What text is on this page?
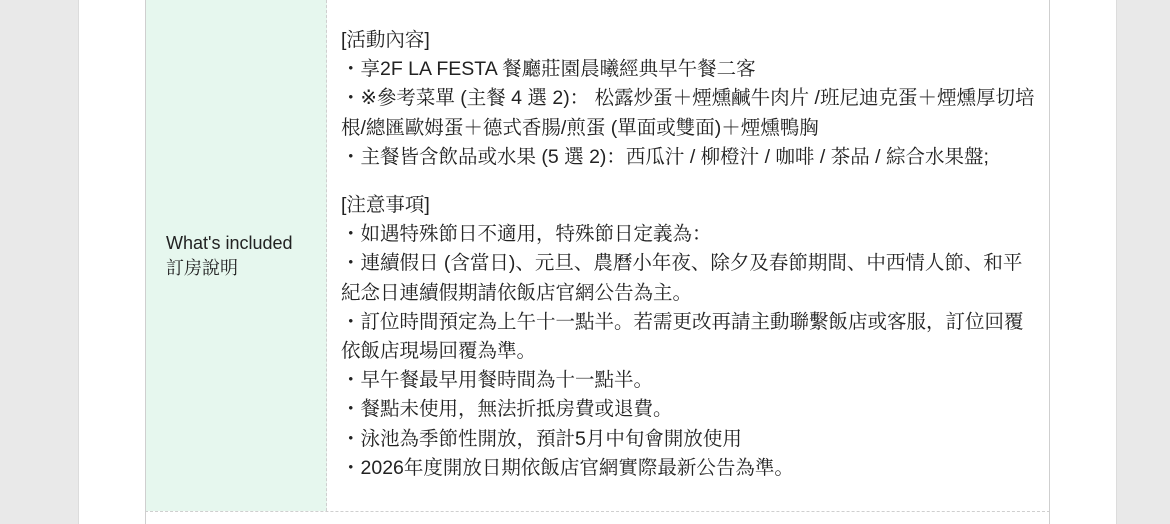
What's included
訂房說明
[活動內容]
・享2F LA FESTA 餐廳莊園晨曦經典早午餐二客
・※參考菜單 (主餐 4 選 2)： 松露炒蛋＋煙燻鹹牛肉片 /班尼迪克蛋＋煙燻厚切培根/總匯歐姆蛋＋德式香腸/煎蛋 (單面或雙面)＋煙燻鴨胸
・主餐皆含飲品或水果 (5 選 2)：西瓜汁 / 柳橙汁 / 咖啡 / 茶品 / 綜合水果盤;
[注意事項]
・如遇特殊節日不適用，特殊節日定義為：
・連續假日 (含當日)、元旦、農曆小年夜、除夕及春節期間、中西情人節、和平紀念日連續假期請依飯店官網公告為主。
・訂位時間預定為上午十一點半。若需更改再請主動聯繫飯店或客服，訂位回覆依飯店現場回覆為準。
・早午餐最早用餐時間為十一點半。
・餐點未使用，無法折抵房費或退費。
・泳池為季節性開放，預計5月中旬會開放使用
・2026年度開放日期依飯店官網實際最新公告為準。
